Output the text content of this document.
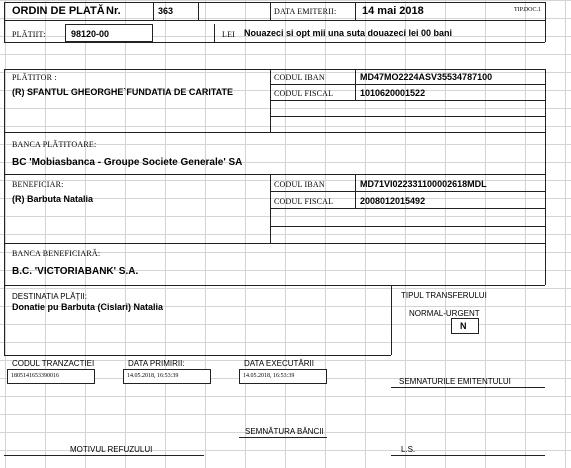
ORDIN DE PLATĂ Nr.	363	DATA EMITERII: 14 mai 2018	TIP.DOC.1
PLĂTIIT:	98120-00	LEI Nouazeci si opt mii una suta douazeci lei 00 bani
PLĂTITOR :
(R) SFANTUL GHEORGHE`FUNDATIA DE CARITATE
CODUL IBAN	MD47MO2224ASV35534787100
CODUL FISCAL	1010620001522
BANCA PLĂTITOARE:
BC 'Mobiasbanca - Groupe Societe Generale' SA
BENEFICIAR:
(R) Barbuta Natalia
CODUL IBAN	MD71VI022331100002618MDL
CODUL FISCAL	2008012015492
BANCA BENEFICIARĂ:
B.C. 'VICTORIABANK' S.A.
DESTINATIA PLĂȚII:
Donatie pu Barbuta (Cislari) Natalia
TIPUL TRANSFERULUI
NORMAL-URGENT
N
CODUL TRANZACTIEI
1805141653390016
DATA PRIMIRII:
14.05.2018, 16:53:39
DATA EXECUTĂRII
14.05.2018, 16:53:39
SEMNATURILE EMITENTULUI
SEMNĂTURA BĂNCII
MOTIVUL REFUZULUI	L.S.
